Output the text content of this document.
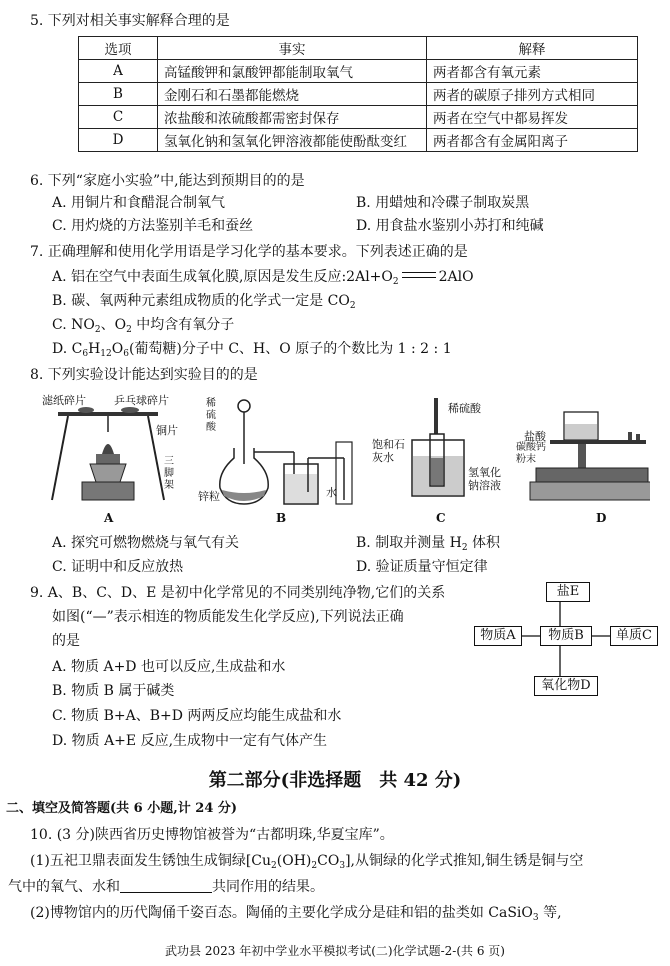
5. 下列对相关事实解释合理的是
选项	事实	解释
A	高锰酸钾和氯酸钾都能制取氧气	两者都含有氧元素
B	金刚石和石墨都能燃烧	两者的碳原子排列方式相同
C	浓盐酸和浓硫酸都需密封保存	两者在空气中都易挥发
D	氢氧化钠和氢氧化钾溶液都能使酚酞变红	两者都含有金属阳离子
6. 下列“家庭小实验”中,能达到预期目的的是
A. 用铜片和食醋混合制氧气	B. 用蜡烛和冷碟子制取炭黑
C. 用灼烧的方法鉴别羊毛和蚕丝	D. 用食盐水鉴别小苏打和纯碱
7. 正确理解和使用化学用语是学习化学的基本要求。下列表述正确的是
A. 铝在空气中表面生成氧化膜,原因是发生反应$:2Al+O_2$	2AlO
B. 碳、氧两种元素组成物质的化学式一定是 $CO_2$
C. $NO_2$、$O_2$ 中均含有氧分子
D. $C_6H_{12}O_6$(葡萄糖)分子中 C、H、O 原子的个数比为 1 : 2 : 1
8. 下列实验设计能达到实验目的的是
滤纸碎片	乒乓球碎片
铜片
三脚架
A
稀硫酸
锌粒	水
B
稀硫酸
饱和石灰水
氢氧化钠溶液
C
盐酸
碳酸钙粉末
D
A. 探究可燃物燃烧与氧气有关	B. 制取并测量 $H_2$ 体积
C. 证明中和反应放热	D. 验证质量守恒定律
9. A、B、C、D、E 是初中化学常见的不同类别纯净物,它们的关系
如图(“—”表示相连的物质能发生化学反应),下列说法正确
的是
A. 物质 A+D 也可以反应,生成盐和水
B. 物质 B 属于碱类
C. 物质 B+A、B+D 两两反应均能生成盐和水
D. 物质 A+E 反应,生成物中一定有气体产生
盐E
物质A	物质B	单质C
氧化物D
第二部分(非选择题　共 42 分)
二、填空及简答题(共 6 小题,计 24 分)
10. (3 分)陕西省历史博物馆被誉为“古都明珠,华夏宝库”。
(1)五祀卫鼎表面发生锈蚀生成铜绿$[Cu_2(OH)_2CO_3]$,从铜绿的化学式推知,铜生锈是铜与空
气中的氧气、水和	共同作用的结果。
(2)博物馆内的历代陶俑千姿百态。陶俑的主要化学成分是硅和铝的盐类如 CaSiO$_3$ 等,
武功县 2023 年初中学业水平模拟考试(二)化学试题-2-(共 6 页)
